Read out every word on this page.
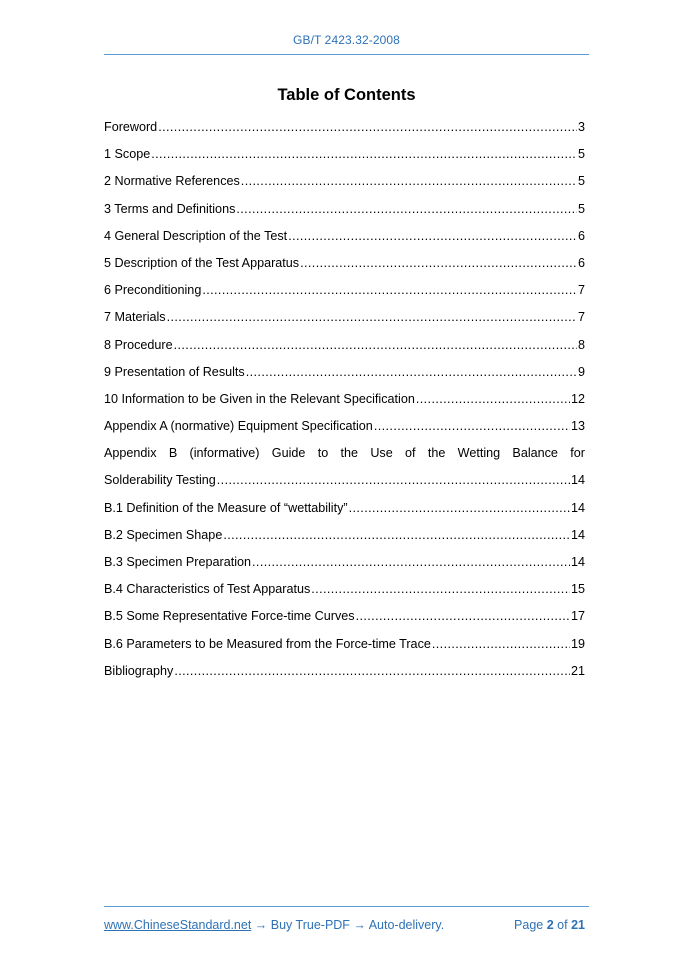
GB/T 2423.32-2008
Table of Contents
Foreword .....	3
1 Scope .....	5
2 Normative References .....	5
3 Terms and Definitions .....	5
4 General Description of the Test .....	6
5 Description of the Test Apparatus .....	6
6 Preconditioning .....	7
7 Materials .....	7
8 Procedure .....	8
9 Presentation of Results .....	9
10 Information to be Given in the Relevant Specification .....	12
Appendix A (normative) Equipment Specification .....	13
Appendix B (informative) Guide to the Use of the Wetting Balance for
Solderability Testing .....	14
B.1 Definition of the Measure of “wettability” .....	14
B.2 Specimen Shape .....	14
B.3 Specimen Preparation .....	14
B.4 Characteristics of Test Apparatus .....	15
B.5 Some Representative Force-time Curves .....	17
B.6 Parameters to be Measured from the Force-time Trace .....	19
Bibliography .....	21
www.ChineseStandard.net → Buy True-PDF → Auto-delivery.	Page 2 of 21
